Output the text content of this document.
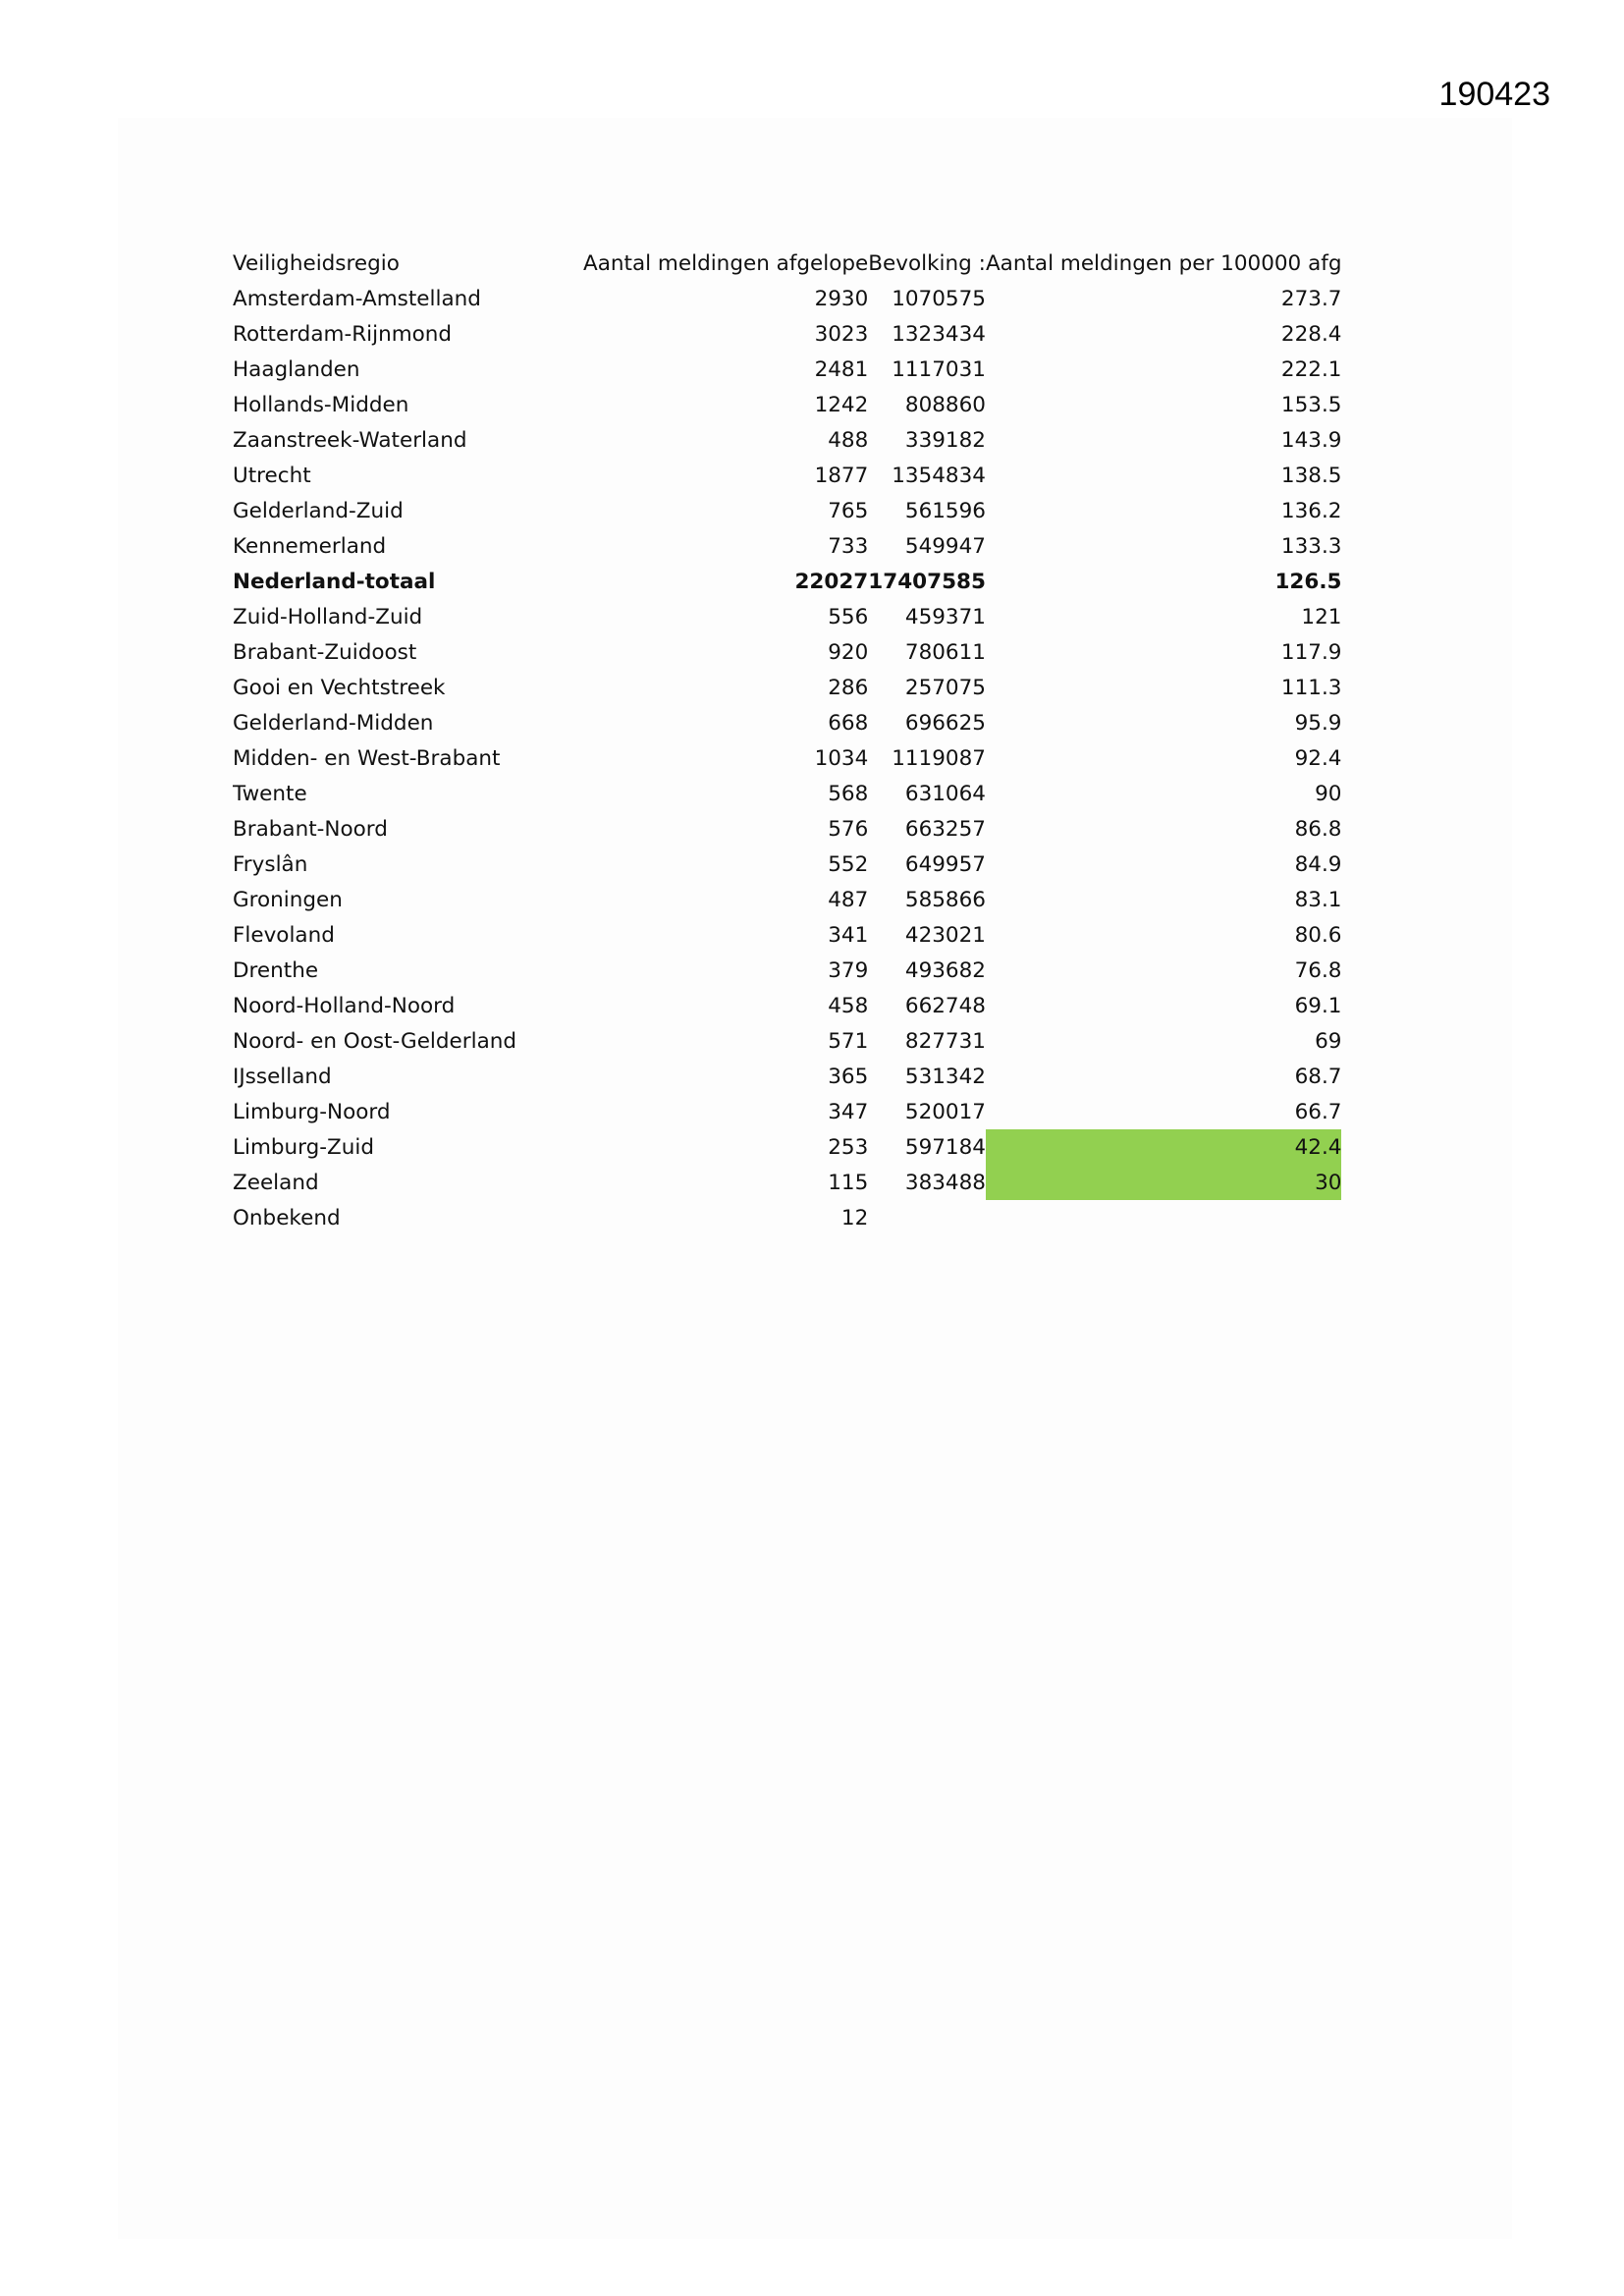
190423
Veiligheidsregio	Aantal meldingen afgelope	Bevolking :	Aantal meldingen per 100000 afg
Amsterdam-Amstelland	2930	1070575	273.7
Rotterdam-Rijnmond	3023	1323434	228.4
Haaglanden	2481	1117031	222.1
Hollands-Midden	1242	808860	153.5
Zaanstreek-Waterland	488	339182	143.9
Utrecht	1877	1354834	138.5
Gelderland-Zuid	765	561596	136.2
Kennemerland	733	549947	133.3
Nederland-totaal	22027	17407585	126.5
Zuid-Holland-Zuid	556	459371	121
Brabant-Zuidoost	920	780611	117.9
Gooi en Vechtstreek	286	257075	111.3
Gelderland-Midden	668	696625	95.9
Midden- en West-Brabant	1034	1119087	92.4
Twente	568	631064	90
Brabant-Noord	576	663257	86.8
Fryslân	552	649957	84.9
Groningen	487	585866	83.1
Flevoland	341	423021	80.6
Drenthe	379	493682	76.8
Noord-Holland-Noord	458	662748	69.1
Noord- en Oost-Gelderland	571	827731	69
IJsselland	365	531342	68.7
Limburg-Noord	347	520017	66.7
Limburg-Zuid	253	597184	42.4
Zeeland	115	383488	30
Onbekend	12		
